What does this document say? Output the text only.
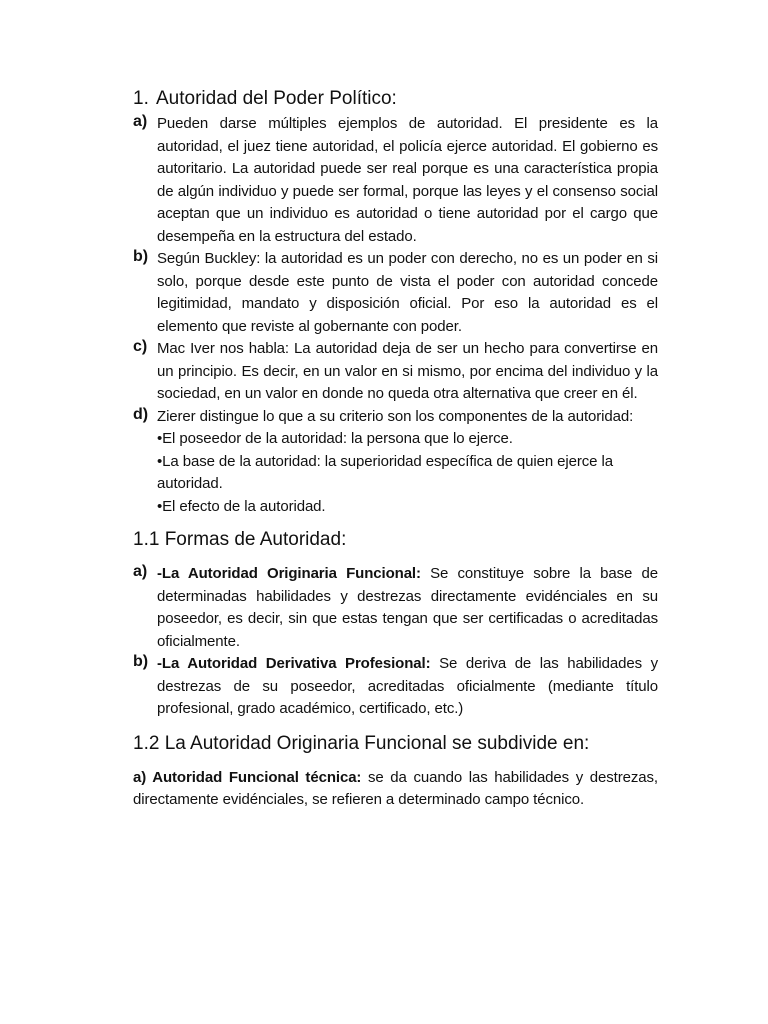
1. Autoridad del Poder Político:
a) Pueden darse múltiples ejemplos de autoridad. El presidente es la autoridad, el juez tiene autoridad, el policía ejerce autoridad. El gobierno es autoritario. La autoridad puede ser real porque es una característica propia de algún individuo y puede ser formal, porque las leyes y el consenso social aceptan que un individuo es autoridad o tiene autoridad por el cargo que desempeña en la estructura del estado.
b) Según Buckley: la autoridad es un poder con derecho, no es un poder en si solo, porque desde este punto de vista el poder con autoridad concede legitimidad, mandato y disposición oficial. Por eso la autoridad es el elemento que reviste al gobernante con poder.
c) Mac Iver nos habla: La autoridad deja de ser un hecho para convertirse en un principio. Es decir, en un valor en si mismo, por encima del individuo y la sociedad, en un valor en donde no queda otra alternativa que creer en él.
d) Zierer distingue lo que a su criterio son los componentes de la autoridad:
•El poseedor de la autoridad: la persona que lo ejerce.
•La base de la autoridad: la superioridad específica de quien ejerce la autoridad.
•El efecto de la autoridad.
1.1 Formas de Autoridad:
a) -La Autoridad Originaria Funcional: Se constituye sobre la base de determinadas habilidades y destrezas directamente evidénciales en su poseedor, es decir, sin que estas tengan que ser certificadas o acreditadas oficialmente.
b) -La Autoridad Derivativa Profesional: Se deriva de las habilidades y destrezas de su poseedor, acreditadas oficialmente (mediante título profesional, grado académico, certificado, etc.)
1.2 La Autoridad Originaria Funcional se subdivide en:
a) Autoridad Funcional técnica: se da cuando las habilidades y destrezas, directamente evidénciales, se refieren a determinado campo técnico.
